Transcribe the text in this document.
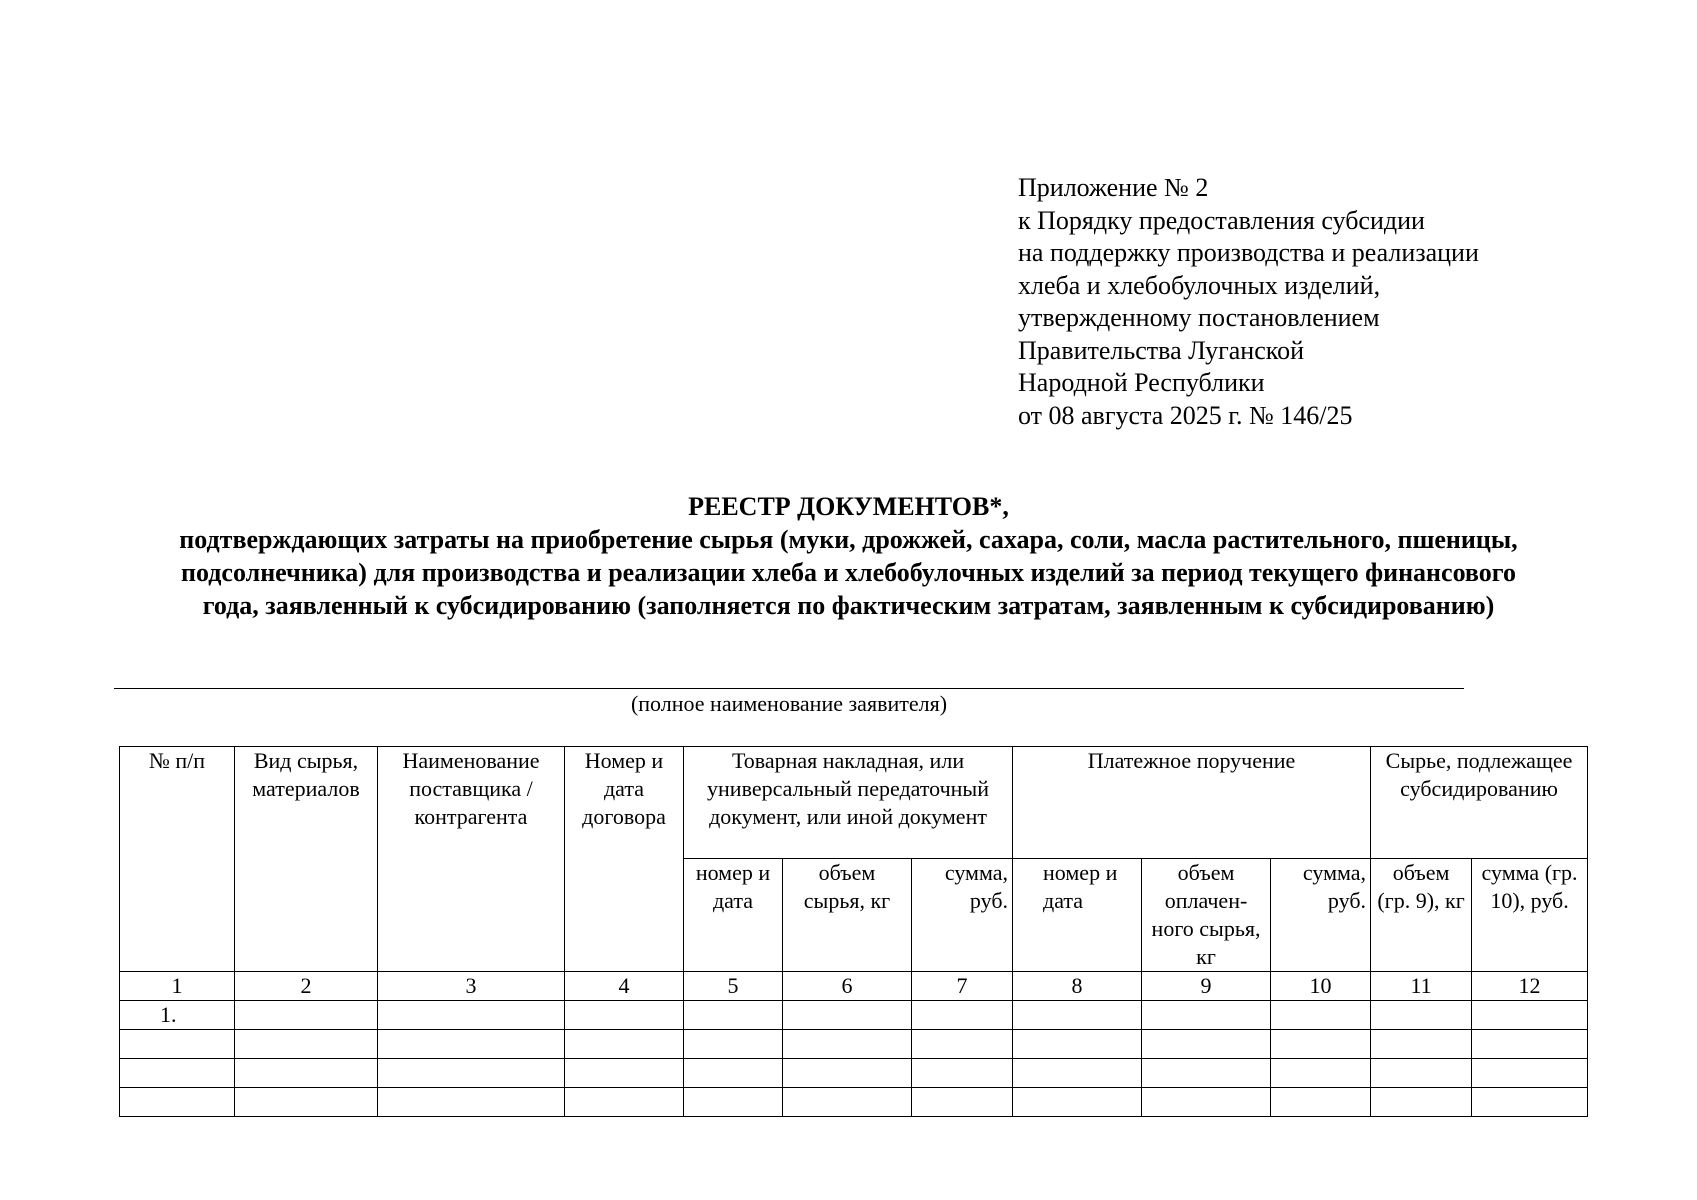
Приложение № 2
к Порядку предоставления субсидии
на поддержку производства и реализации
хлеба и хлебобулочных изделий,
утвержденному постановлением
Правительства Луганской
Народной Республики
от 08 августа 2025 г. № 146/25
РЕЕСТР ДОКУМЕНТОВ*,
подтверждающих затраты на приобретение сырья (муки, дрожжей, сахара, соли, масла растительного, пшеницы,
подсолнечника) для производства и реализации хлеба и хлебобулочных изделий за период текущего финансового
года, заявленный к субсидированию (заполняется по фактическим затратам, заявленным к субсидированию)
(полное наименование заявителя)
№ п/п	Вид сырья, материалов	Наименование поставщика / контрагента	Номер и дата договора	Товарная накладная, или универсальный передаточный документ, или иной документ			Платежное поручение			Сырье, подлежащее субсидированию	
				номер и дата	объем сырья, кг	сумма, руб.	номер и дата	объем оплачен-ного сырья, кг	сумма, руб.	объем (гр. 9), кг	сумма (гр. 10), руб.
1	2	3	4	5	6	7	8	9	10	11	12
1.											
